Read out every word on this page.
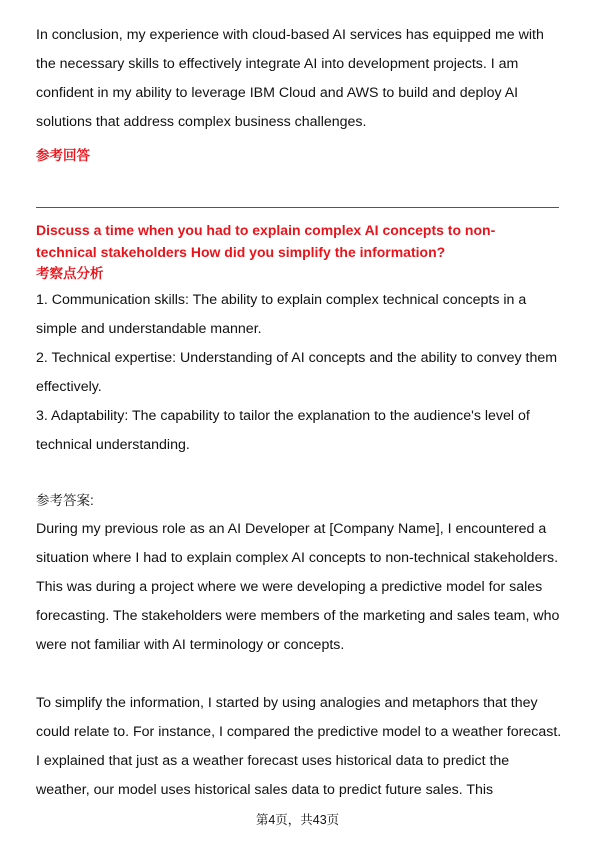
In conclusion, my experience with cloud-based AI services has equipped me with the necessary skills to effectively integrate AI into development projects. I am confident in my ability to leverage IBM Cloud and AWS to build and deploy AI solutions that address complex business challenges.

参考回答

Discuss a time when you had to explain complex AI concepts to non-technical stakeholders How did you simplify the information?

考察点分析

1. Communication skills: The ability to explain complex technical concepts in a simple and understandable manner.

2. Technical expertise: Understanding of AI concepts and the ability to convey them effectively.

3. Adaptability: The capability to tailor the explanation to the audience's level of technical understanding.

参考答案:

During my previous role as an AI Developer at [Company Name], I encountered a situation where I had to explain complex AI concepts to non-technical stakeholders. This was during a project where we were developing a predictive model for sales forecasting. The stakeholders were members of the marketing and sales team, who were not familiar with AI terminology or concepts.

To simplify the information, I started by using analogies and metaphors that they could relate to. For instance, I compared the predictive model to a weather forecast. I explained that just as a weather forecast uses historical data to predict the weather, our model uses historical sales data to predict future sales. This

第4页，共43页
